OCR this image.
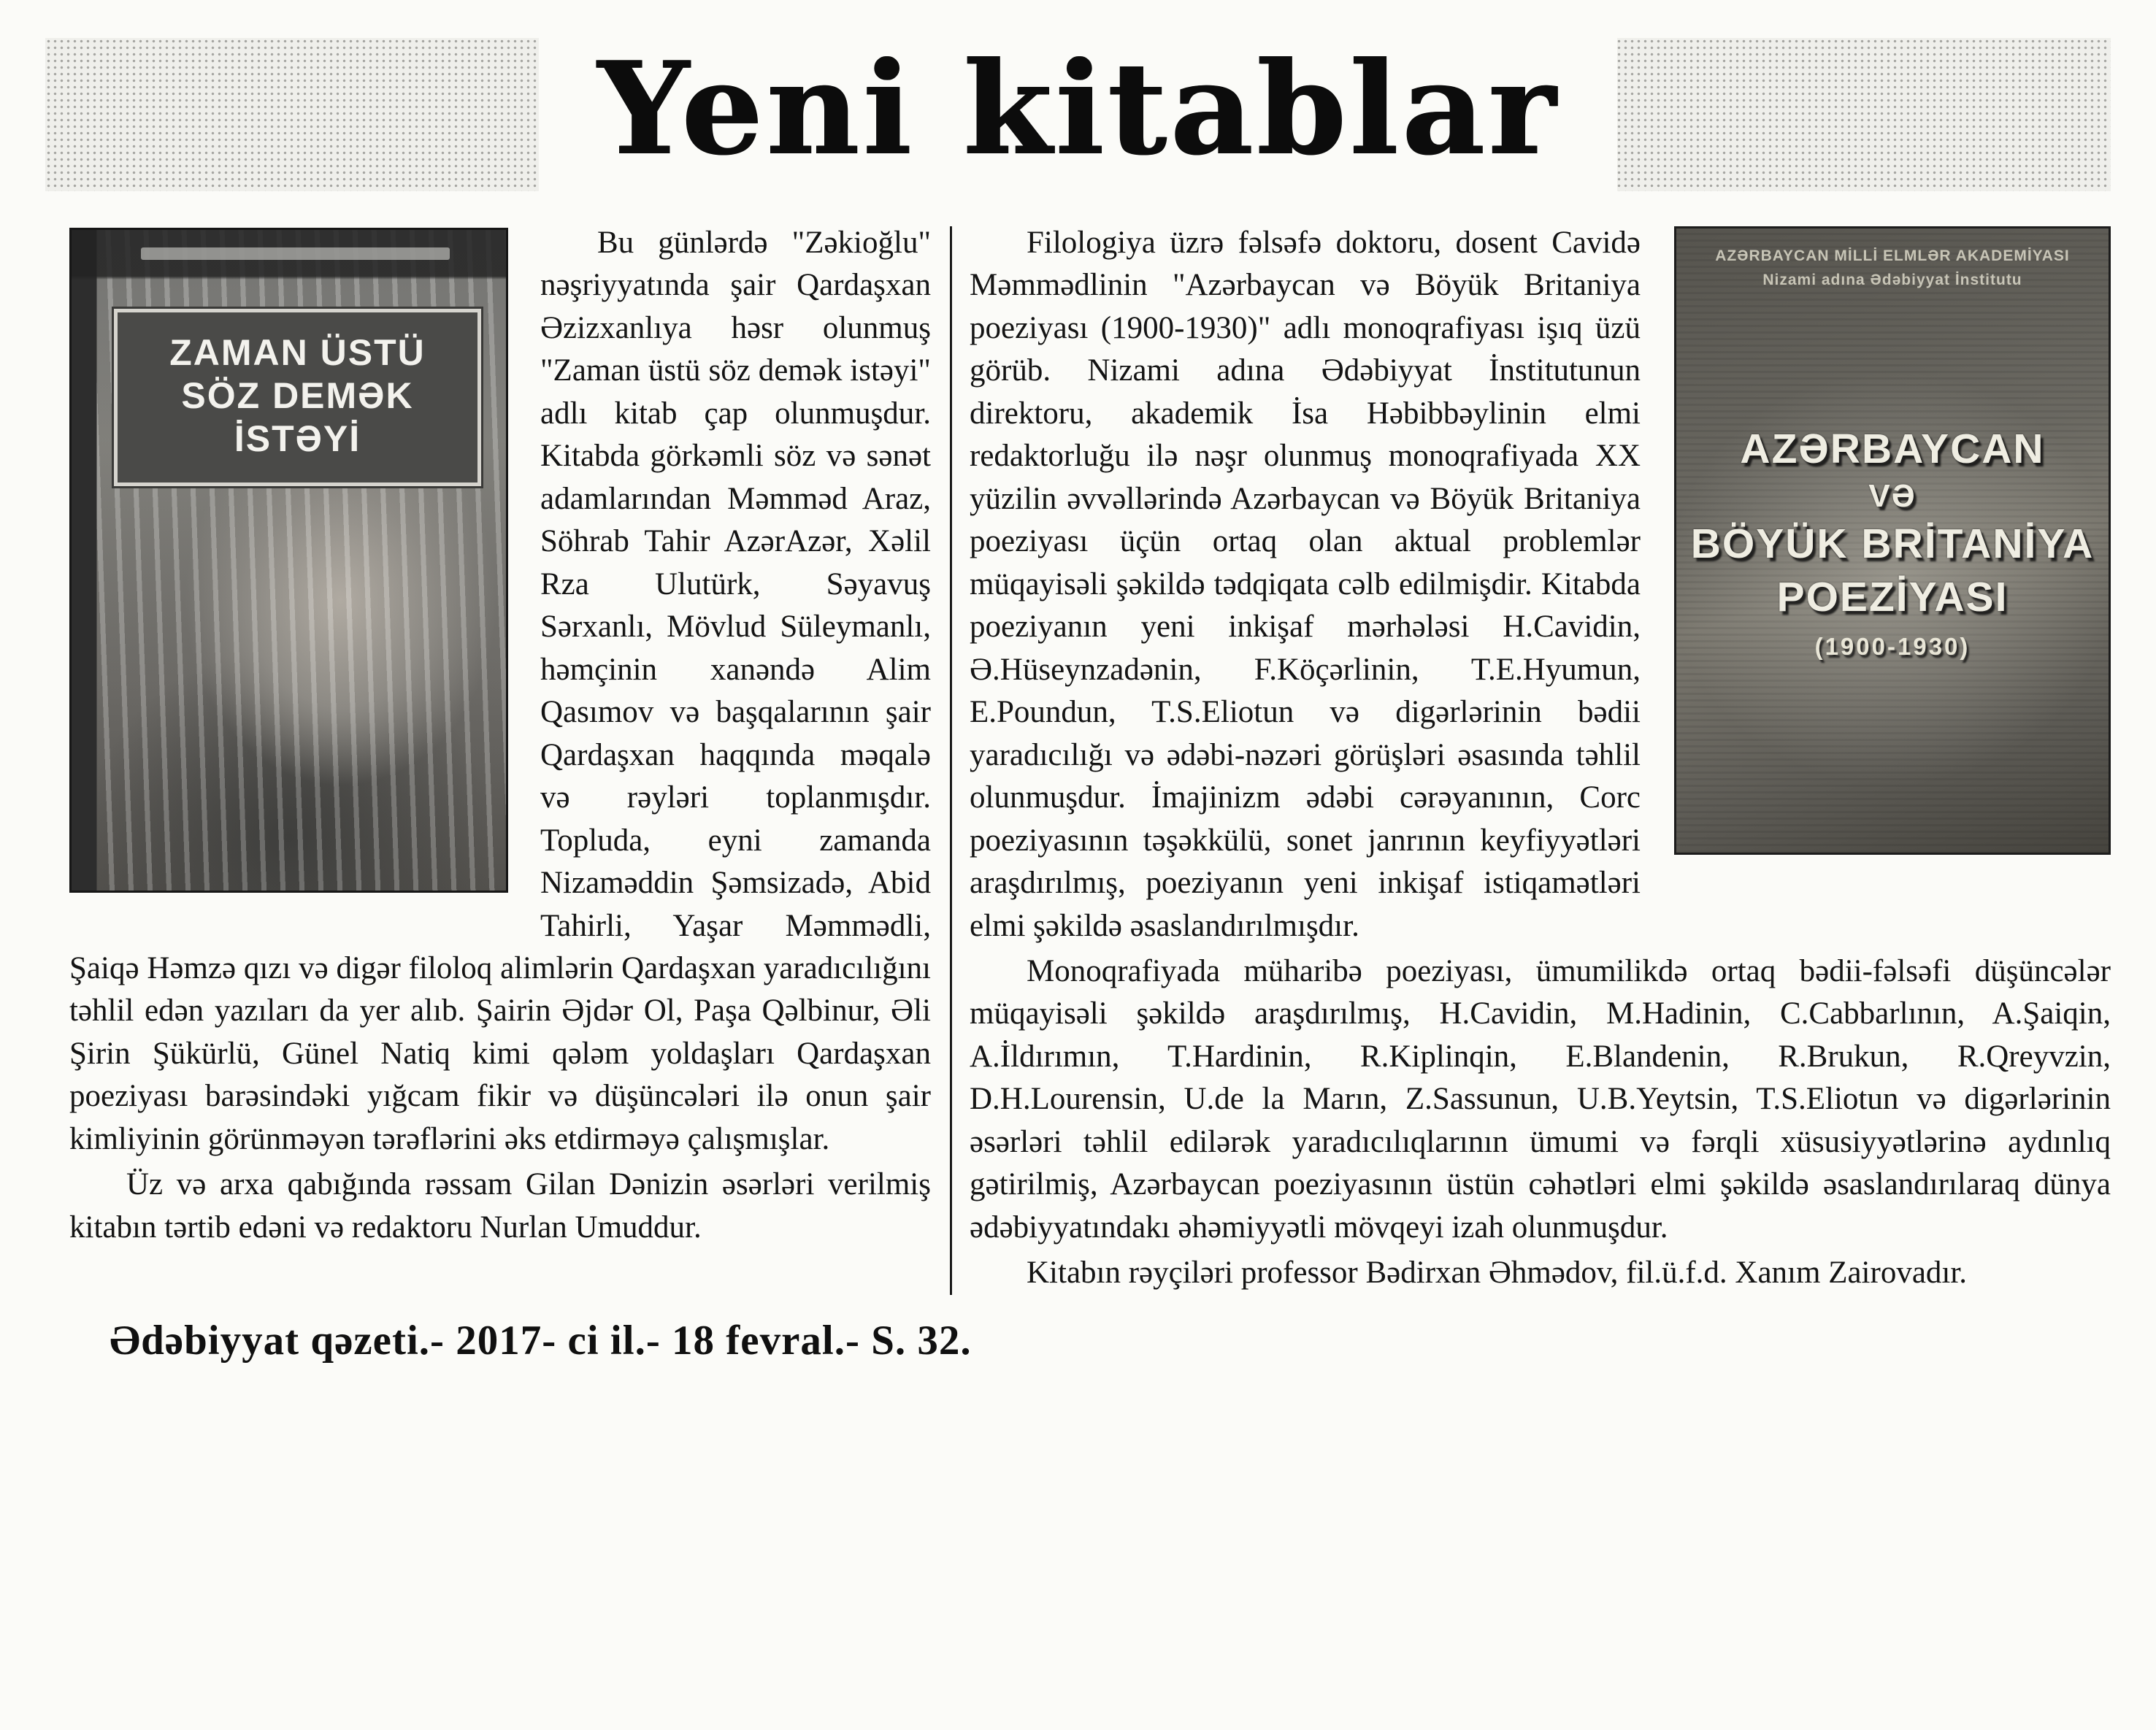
Yeni kitablar
ZAMAN ÜSTÜ
SÖZ DEMƏK İSTƏYİ

Bu günlərdə "Zəkioğlu" nəşriyyatında şair Qardaşxan Əzizxanlıya həsr olunmuş "Zaman üstü söz demək istəyi" adlı kitab çap olunmuşdur. Kitabda görkəmli söz və sənət adamlarından Məmməd Araz, Söhrab Tahir AzərAzər, Xəlil Rza Ulutürk, Səyavuş Sərxanlı, Mövlud Süleymanlı, həmçinin xanəndə Alim Qasımov və başqalarının şair Qardaşxan haqqında məqalə və rəyləri toplanmışdır. Topluda, eyni zamanda Nizaməddin Şəmsizadə, Abid Tahirli, Yaşar Məmmədli, Şaiqə Həmzə qızı və digər filoloq alimlərin Qardaşxan yaradıcılığını təhlil edən yazıları da yer alıb. Şairin Əjdər Ol, Paşa Qəlbinur, Əli Şirin Şükürlü, Günel Natiq kimi qələm yoldaşları Qardaşxan poeziyası barəsindəki yığcam fikir və düşüncələri ilə onun şair kimliyinin görünməyən tərəflərini əks etdirməyə çalışmışlar.

Üz və arxa qabığında rəssam Gilan Dənizin əsərləri verilmiş kitabın tərtib edəni və redaktoru Nurlan Umuddur.

AZƏRBAYCAN MİLLİ ELMLƏR AKADEMİYASI
Nizami adına Ədəbiyyat İnstitutu
AZƏRBAYCAN
VƏ
BÖYÜK BRİTANİYA
POEZİYASI
(1900-1930)

Filologiya üzrə fəlsəfə doktoru, dosent Cavidə Məmmədlinin "Azərbaycan və Böyük Britaniya poeziyası (1900-1930)" adlı monoqrafiyası işıq üzü görüb. Nizami adına Ədəbiyyat İnstitutunun direktoru, akademik İsa Həbibbəylinin elmi redaktorluğu ilə nəşr olunmuş monoqrafiyada XX yüzilin əvvəllərində Azərbaycan və Böyük Britaniya poeziyası üçün ortaq olan aktual problemlər müqayisəli şəkildə tədqiqata cəlb edilmişdir. Kitabda poeziyanın yeni inkişaf mərhələsi H.Cavidin, Ə.Hüseynzadənin, F.Köçərlinin, T.E.Hyumun, E.Poundun, T.S.Eliotun və digərlərinin bədii yaradıcılığı və ədəbi-nəzəri görüşləri əsasında təhlil olunmuşdur. İmajinizm ədəbi cərəyanının, Corc poeziyasının təşəkkülü, sonet janrının keyfiyyətləri araşdırılmış, poeziyanın yeni inkişaf istiqamətləri elmi şəkildə əsaslandırılmışdır.

Monoqrafiyada müharibə poeziyası, ümumilikdə ortaq bədii-fəlsəfi düşüncələr müqayisəli şəkildə araşdırılmış, H.Cavidin, M.Hadinin, C.Cabbarlının, A.Şaiqin, A.İldırımın, T.Hardinin, R.Kiplinqin, E.Blandenin, R.Brukun, R.Qreyvzin, D.H.Lourensin, U.de la Marın, Z.Sassunun, U.B.Yeytsin, T.S.Eliotun və digərlərinin əsərləri təhlil edilərək yaradıcılıqlarının ümumi və fərqli xüsusiyyətlərinə aydınlıq gətirilmiş, Azərbaycan poeziyasının üstün cəhətləri elmi şəkildə əsaslandırılaraq dünya ədəbiyyatındakı əhəmiyyətli mövqeyi izah olunmuşdur.

Kitabın rəyçiləri professor Bədirxan Əhmədov, fil.ü.f.d. Xanım Zairovadır.

Ədəbiyyat qəzeti.- 2017- ci il.- 18 fevral.- S. 32.
